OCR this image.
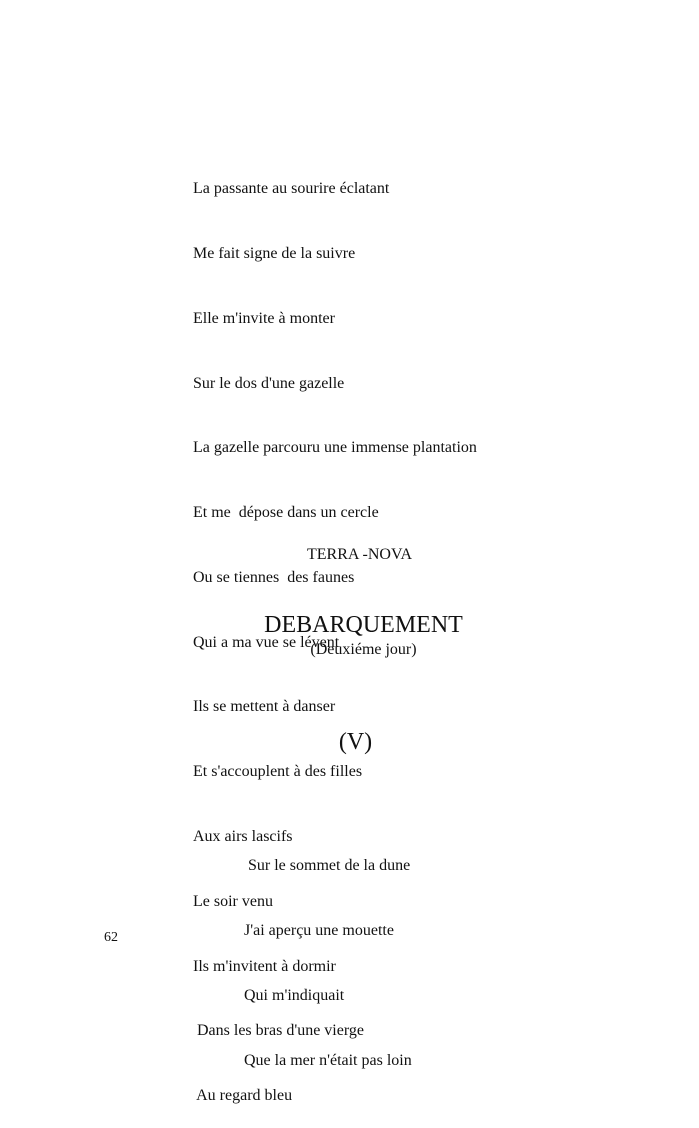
La passante au sourire éclatant

Me fait signe de la suivre

Elle m'invite à monter

Sur le dos d'une gazelle

La gazelle parcouru une immense plantation

Et me  dépose dans un cercle

Ou se tiennes  des faunes

Qui a ma vue se lévent

Ils se mettent à danser

Et s'accouplent à des filles

Aux airs lascifs

Le soir venu

Ils m'invitent à dormir

Dans les bras d'une vierge

Au regard bleu

TERRA -NOVA

DEBARQUEMENT

(Deuxiéme jour)

(V)

Sur le sommet de la dune

J'ai aperçu une mouette

Qui m'indiquait

Que la mer n'était pas loin

62
